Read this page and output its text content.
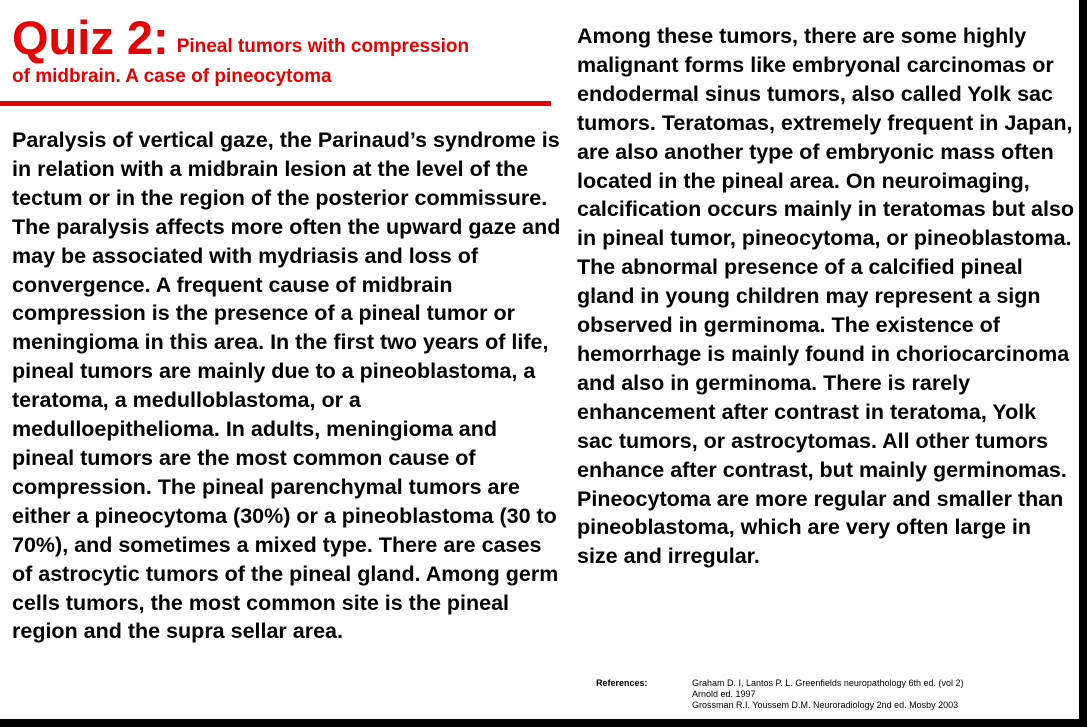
Quiz 2: Pineal tumors with compression
of midbrain. A case of pineocytoma

Paralysis of vertical gaze, the Parinaud’s syndrome is in relation with a midbrain lesion at the level of the tectum or in the region of the posterior commissure. The paralysis affects more often the upward gaze and may be associated with mydriasis and loss of convergence. A frequent cause of midbrain compression is the presence of a pineal tumor or meningioma in this area. In the first two years of life, pineal tumors are mainly due to a pineoblastoma, a teratoma, a medulloblastoma, or a medulloepithelioma. In adults, meningioma and pineal tumors are the most common cause of compression. The pineal parenchymal tumors are either a pineocytoma (30%) or a pineoblastoma (30 to 70%), and sometimes a mixed type. There are cases of astrocytic tumors of the pineal gland. Among germ cells tumors, the most common site is the pineal region and the supra sellar area.

Among these tumors, there are some highly malignant forms like embryonal carcinomas or endodermal sinus tumors, also called Yolk sac tumors. Teratomas, extremely frequent in Japan, are also another type of embryonic mass often located in the pineal area. On neuroimaging, calcification occurs mainly in teratomas but also in pineal tumor, pineocytoma, or pineoblastoma. The abnormal presence of a calcified pineal gland in young children may represent a sign observed in germinoma. The existence of hemorrhage is mainly found in choriocarcinoma and also in germinoma. There is rarely enhancement after contrast in teratoma, Yolk sac tumors, or astrocytomas. All other tumors enhance after contrast, but mainly germinomas. Pineocytoma are more regular and smaller than pineoblastoma, which are very often large in size and irregular.

References:	Graham D. I, Lantos P. L. Greenfields neuropathology 6th ed. (vol 2)
Arnold ed. 1997
Grossman R.I. Youssem D.M. Neuroradiology 2nd ed. Mosby 2003
